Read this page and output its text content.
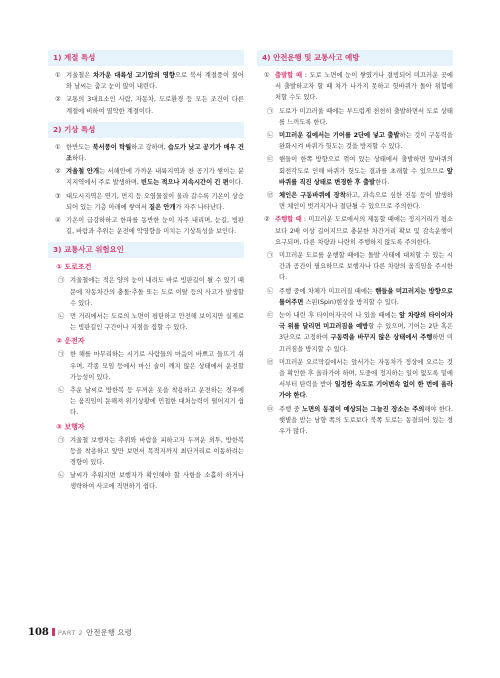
1) 계절 특성
① 겨울철은 차가운 대륙성 고기압의 영향으로 북서 계절풍이 불어와 날씨는 춥고 눈이 많이 내린다.
② 교통의 3대요소인 사람, 자동차, 도로환경 등 모든 조건이 다른 계절에 비하여 열악한 계절이다.
2) 기상 특성
① 한반도는 북서풍이 탁월하고 강하며, 습도가 낮고 공기가 매우 건조하다.
② 겨울철 안개는 서해안에 가까운 내륙지역과 찬 공기가 쌓이는 분지지역에서 주로 발생하며, 빈도는 적으나 지속시간이 긴 편이다.
③ 대도시지역은 연기, 먼지 등 오염물질이 올라 갈수록 기온이 상승되어 있는 기층 아래에 쌓여서 짙은 안개가 자주 나타난다.
④ 기온이 급강하하고 한파를 동반한 눈이 자주 내리며, 눈길, 빙판길, 바람과 추위는 운전에 악영향을 미치는 기상특성을 보인다.
3) 교통사고 위험요인
① 도로조건
㉠ 겨울철에는 적은 양의 눈이 내려도 바로 빙판길이 될 수 있기 때문에 자동차간의 충돌·추돌 또는 도로 이탈 등의 사고가 발생할 수 있다.
㉡ 먼 거리에서는 도로의 노면이 평탄하고 안전해 보이지만 실제로는 빙판길인 구간이나 지점을 접할 수 있다.
② 운전자
㉠ 한 해를 마무리하는 시기로 사람들의 마음이 바쁘고 들뜨기 쉬우며, 각종 모임 등에서 마신 술이 깨지 않은 상태에서 운전할 가능성이 있다.
㉡ 추운 날씨로 방한복 등 두꺼운 옷을 착용하고 운전하는 경우에는 움직임이 둔해져 위기상황에 민첩한 대처능력이 떨어지기 쉽다.
③ 보행자
㉠ 겨울철 보행자는 추위와 바람을 피하고자 두꺼운 외투, 방한복 등을 착용하고 앞만 보면서 목적지까지 최단거리로 이동하려는 경향이 있다.
㉡ 날씨가 추워지면 보행자가 확인해야 할 사항을 소홀히 하거나 생략하여 사고에 직면하기 쉽다.
4) 안전운행 및 교통사고 예방
① 출발할 때 : 도로 노면에 눈이 쌓였거나 결빙되어 미끄러운 곳에서 출발하고자 할 때 차가 나가지 못하고 헛바퀴가 돌아 위험에 처할 수도 있다.
㉠ 도로가 미끄러울 때에는 부드럽게 천천히 출발하면서 도로 상태를 느끼도록 한다.
㉡ 미끄러운 길에서는 기어를 2단에 넣고 출발하는 것이 구동력을 완화시켜 바퀴가 헛도는 것을 방지할 수 있다.
㉢ 핸들이 한쪽 방향으로 꺾여 있는 상태에서 출발하면 앞바퀴의 회전각도로 인해 바퀴가 헛도는 결과를 초래할 수 있으므로 앞바퀴를 직진 상태로 변경한 후 출발한다.
㉣ 체인은 구동바퀴에 장착하고, 과속으로 심한 진동 등이 발생하면 체인이 벗겨지거나 절단될 수 있으므로 주의한다.
② 주행할 때 : 미끄러운 도로에서의 제동할 때에는 정지거리가 평소보다 2배 이상 길어지므로 충분한 차간거리 확보 및 감속운행이 요구되며, 다른 차량과 나란히 주행하지 않도록 주의한다.
㉠ 미끄러운 도로를 운행할 때에는 돌발 사태에 대처할 수 있는 시간과 공간이 필요하므로 보행자나 다른 차량의 움직임을 주시한다.
㉡ 주행 중에 차체가 미끄러질 때에는 핸들을 미끄러지는 방향으로 틀어주면 스핀(Spin)현상을 방지할 수 있다.
㉢ 눈이 내린 후 타이어자국이 나 있을 때에는 앞 차량의 타이어자국 위를 달리면 미끄러짐을 예방할 수 있으며, 기어는 2단 혹은 3단으로 고정하여 구동력을 바꾸지 않은 상태에서 주행하면 미끄러짐을 방지할 수 있다.
㉣ 미끄러운 오르막길에서는 앞서가는 자동차가 정상에 오르는 것을 확인한 후 올라가야 하며, 도중에 정지하는 일이 없도록 밑에서부터 탄력을 받아 일정한 속도로 기어변속 없이 한 번에 올라가야 한다.
㉤ 주행 중 노면의 동결이 예상되는 그늘진 장소는 주의해야 한다. 햇볕을 받는 남향 쪽의 도로보다 북쪽 도로는 동결되어 있는 경우가 많다.
108 PART 2 안전운행 요령
